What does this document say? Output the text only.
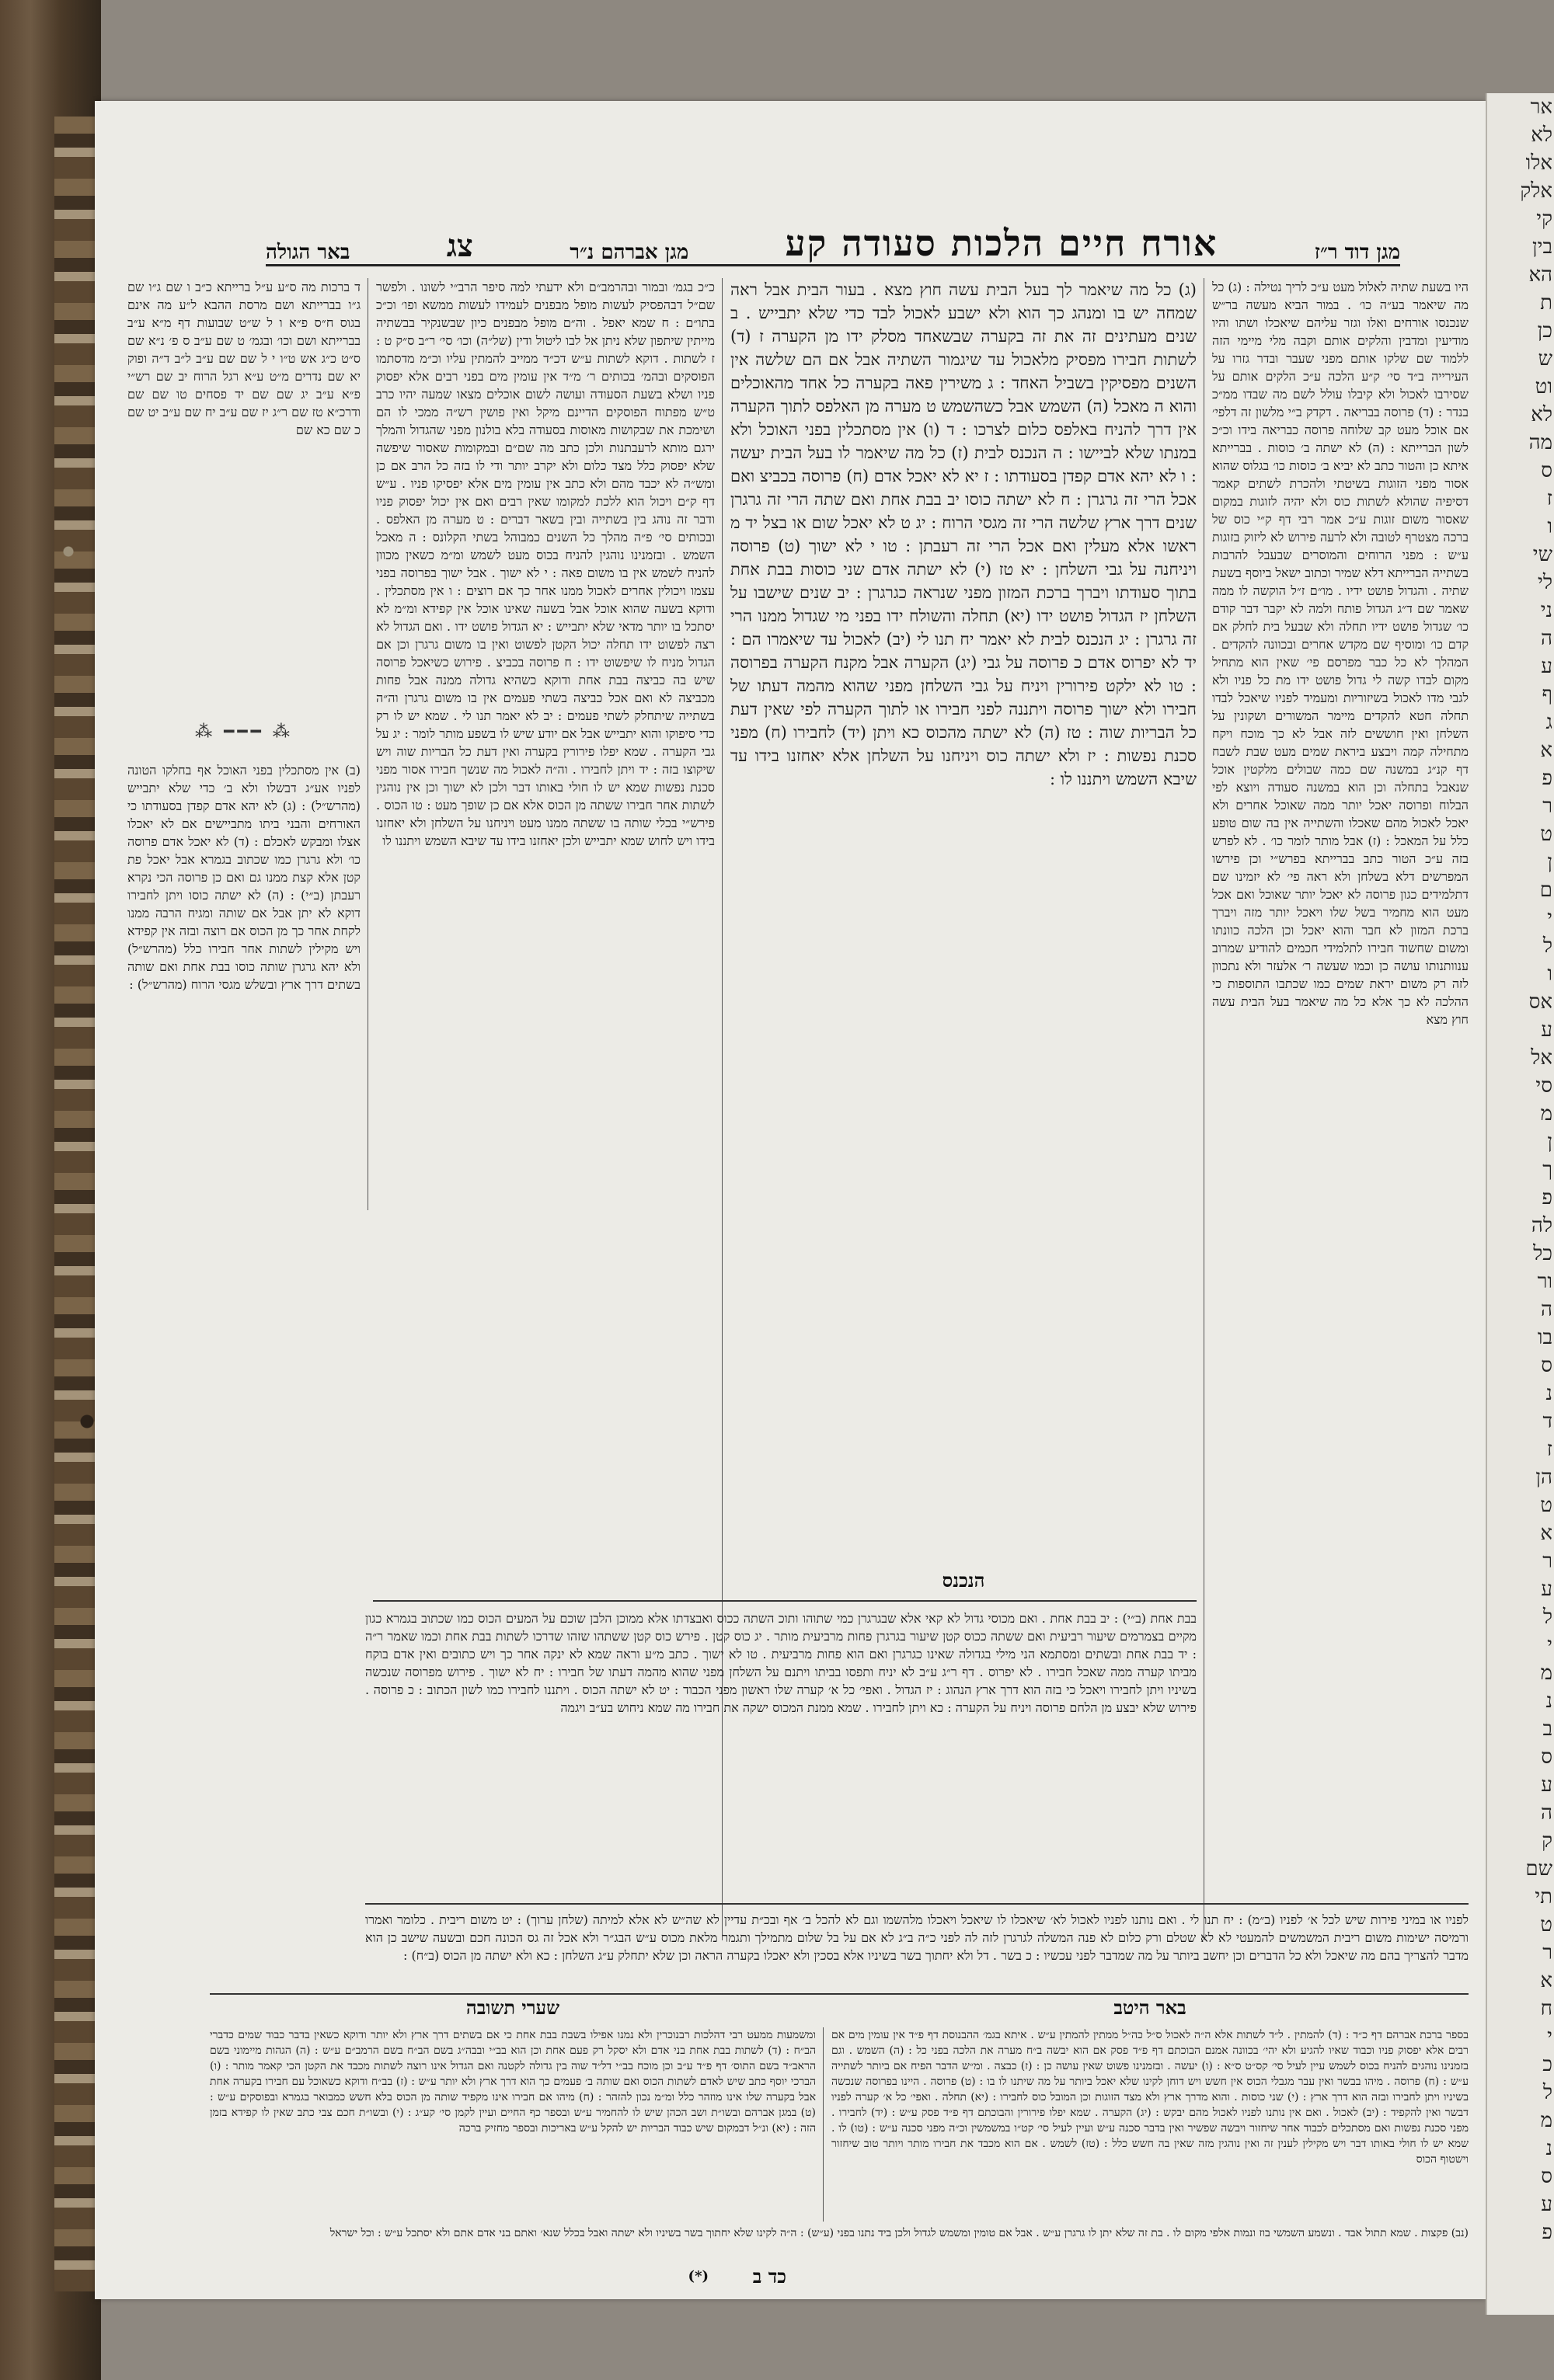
מגן דוד ר״ז
אורח חיים הלכות סעודה קע
מגן אברהם נ״ר
צג
באר הגולה

היו בשעת שתיה לאלול מעט ע״כ לריך נטילה : (ג) כל מה שיאמר בע״ה כו׳ . במור הביא מעשה בר״ש שנכנסו אורחים ואלו וגזר עליהם שיאכלו ושתו והיו מודיעין ומדבין והלקים אותם וקבה מלי מיימי הזה ללמוד שם שלקו אותם מפני שעבר ובדר גזרו על העירייה ב״ד סי׳ ק״ע הלכה ע״כ הלקים אותם על שסירבו לאכול ולא קיבלו עולל לשם מה שבדו ממ״כ בנדר : (ד) פרוסה בבריאה . דקדק ב״י מלשון זה דלפי׳ אם אוכל מעט קב שלוחה פרוסה כבריאה בידו וכ״כ לשון הברייתא : (ה) לא ישתה ב׳ כוסות . בברייתא איתא כן והטור כתב לא יביא ב׳ כוסות כו׳ בגלוס שהוא אסור מפני הזוגות בשיטתי ולהכרת לשתים קאמר דסיפיה שהולא לשתות כוס ולא יהיה לזוגות במקום שאסור משום זוגות ע״כ אמר רבי דף ק״י כוס של ברכה מצטרף לטובה ולא לרעה פירוש לא ליזוק בזוגות ע״ש : מפני הרוחים והמוסרים שבעבל להרבות בשתייה הברייתא דלא שמיר וכתוב ישאל ביוסף בשעת שתיה . והגדול פושט ידיו . מו״ם ז״ל הוקשה לו ממה שאמר שם ד״ג הגדול פותח ולמה לא יקבר דבר קודם כו׳ שגדול פושט ידיו תחלה ולא שבעל בית לחלק אם קדם כו׳ ומוסיף שם מקדש אחרים ובכוונה להקדים . המהלך לא כל כבר מפרסם פי׳ שאין הוא מתחיל מקום לבדו קשה לי גדול פושט ידו מת כל פניו ולא לגבי מדו לאכול בשיזוריות ומעמיד לפניו שיאכל לבדו תחלה חטא להקדים מיימר המשורים ושקונין על השלחן ואין חוששים לזה אבל לא כך מוכח ויקח מתחילה קמה ויבצע ביראת שמים מעט שבת לשבח דף קנ״ג במשנה שם כמה שבולים מלקטין אוכל שנאבל בתחלה וכן הוא במשנה סעודה ויוצא לפי הבלוח ופרוסה יאכל יותר ממה שאוכל אחרים ולא יאכל לאכול מהם שאכלו והשתייה אין בה שום טופע כלל על המאכל : (ז) אבל מותר לומר כו׳ . לא לפרש בזה ע״כ הטור כתב בברייתא בפרש״י וכן פירשו המפרשים דלא בשלחן ולא ראה פי׳ לא יזמינו שם דתלמידים כגון פרוסה לא יאכל יותר שאוכל ואם אכל מעט הוא מחמיר בשל שלו ויאכל יותר מזה ויברך ברכת המזון לא חבר והוא יאכל וכן הלכה כוונתו ומשום שחשוד חבירו לתלמידי חכמים להודיע שמרוב ענוותנותו עושה כן וכמו שעשה ר׳ אלעזר ולא נתכוון לזה רק משום יראת שמים כמו שכתבו התוספות כי ההלכה לא כך אלא כל מה שיאמר בעל הבית עשה חוץ מצא

(ג) כל מה שיאמר לך בעל הבית עשה חוץ מצא . בעור הבית אבל ראה שמחה יש בו ומנהג כך הוא ולא ישבע לאכול לבד כדי שלא יתבייש . ב שנים מעתינים זה את זה בקערה שבשאחד מסלק ידו מן הקערה ז (ד) לשתות חבירו מפסיק מלאכול עד שיגמור השתיה אבל אם הם שלשה אין השנים מפסיקין בשביל האחד : ג משירין פאה בקערה כל אחד מהאוכלים והוא ה מאכל (ה) השמש אבל כשהשמש ט מערה מן האלפס לתוך הקערה אין דרך להניח באלפס כלום לצרכו : ד (ו) אין מסתכלין בפני האוכל ולא במנתו שלא לביישו : ה הנכנס לבית (ז) כל מה שיאמר לו בעל הבית יעשה : ו לא יהא אדם קפדן בסעודתו : ז יא לא יאכל אדם (ח) פרוסה בכביצ ואם אכל הרי זה גרגרן : ח לא ישתה כוסו יב בבת אחת ואם שתה הרי זה גרגרן שנים דרך ארץ שלשה הרי זה מגסי הרוח : יג ט לא יאכל שום או בצל יד מ ראשו אלא מעלין ואם אכל הרי זה רעבתן : טו י לא ישוך (ט) פרוסה ויניחנה על גבי השלחן : יא טז (י) לא ישתה אדם שני כוסות בבת אחת בתוך סעודתו ויברך ברכת המזון מפני שנראה כגרגרן : יב שנים שישבו על השלחן יז הגדול פושט ידו (יא) תחלה והשולח ידו בפני מי שגדול ממנו הרי זה גרגרן : יג הנכנס לבית לא יאמר יח תנו לי (יב) לאכול עד שיאמרו הם : יד לא יפרוס אדם כ פרוסה על גבי (יג) הקערה אבל מקנח הקערה בפרוסה : טו לא ילקט פירורין ויניח על גבי השלחן מפני שהוא מהמה דעתו של חבירו ולא ישוך פרוסה ויתננה לפני חבירו או לתוך הקערה לפי שאין דעת כל הבריות שוה : טז (ה) לא ישתה מהכוס כא ויתן (יד) לחבירו (ח) מפני סכנת נפשות : יז ולא ישתה כוס ויניחנו על השלחן אלא יאחזנו בידו עד שיבא השמש ויתננו לו :

הנכנס

כ״כ בגמ׳ ובמור ובהרמב״ם ולא ידעתי למה סיפר הרב״י לשונו . ולפשר שם״ל דבהפסיק לעשות מופל מבפנים לעמידו לעשות ממשא ופו׳ וכ״כ בתו״ם : ח שמא יאפל . וה״ם מופל מבפנים כיון שבשנקיר בבשתיה מייתין שיתפון שלא ניתן אל לבו ליטול ודין (של״ה) וכו׳ סי׳ ר״ב ס״ק ט : ז לשתות . דוקא לשתות ע״ש דכ״ד ממייב להמתין עליו וכ״מ מדסתמו הפוסקים ובהמ׳ בכותים ר׳ מ״ד אין עומין מים בפני רבים אלא יפסוק פניו ושלא בשעת הסעודה ועושה לשום אוכלים מצאו שמעה יהיו כרב ט״ש מפתוח הפוסקים הדיינם מיקל ואין פושין רש״ה ממכי לו הם ושימכת את שבקושות מאוסות בסעודה בלא בולנון מפני שהגדול והמלך ירגם מותא לרעבתנות ולכן כתב מה שם״ם ובמקומות שאסור שיפשה שלא יפסוק כלל מצד כלום ולא יקרב יותר ודי לו בזה כל הרב אם כן ומש״ה לא יכבד מהם ולא כתב אין עומין מים אלא יפסיקו פניו . ע״ש דף ק״ם ויכול הוא ללכת למקומו שאין רבים ואם אין יכול יפסוק פניו ודבר זה נוהג בין בשתייה ובין בשאר דברים : ט מערה מן האלפס . ובכותים סי׳ פ״ה מהלך כל השנים כמבוהל בשתי הקלונס : ה מאכל השמש . ובזמנינו נוהגין להניח בכוס מעט לשמש ומ״מ כשאין מכוון להניח לשמש אין בו משום פאה : י לא ישוך . אבל ישוך בפרוסה בפני עצמו ויכולין אחרים לאכול ממנו אחר כך אם רוצים : ו אין מסתכלין . ודוקא בשעה שהוא אוכל אבל בשעה שאינו אוכל אין קפידא ומ״מ לא יסתכל בו יותר מדאי שלא יתבייש : יא הגדול פושט ידו . ואם הגדול לא רצה לפשוט ידו תחלה יכול הקטן לפשוט ואין בו משום גרגרן וכן אם הגדול מניח לו שיפשוט ידו : ח פרוסה בכביצ . פירוש כשיאכל פרוסה שיש בה כביצה בבת אחת ודוקא כשהיא גדולה ממנה אבל פחות מכביצה לא ואם אכל כביצה בשתי פעמים אין בו משום גרגרן וה״ה בשתייה שיתחלק לשתי פעמים : יב לא יאמר תנו לי . שמא יש לו רק כדי סיפוקו והוא יתבייש אבל אם יודע שיש לו בשפע מותר לומר : יג על גבי הקערה . שמא יפלו פירורין בקערה ואין דעת כל הבריות שוה ויש שיקוצו בזה : יד ויתן לחבירו . וה״ה לאכול מה שנשך חבירו אסור מפני סכנת נפשות שמא יש לו חולי באותו דבר ולכן לא ישוך וכן אין נוהגין לשתות אחר חבירו ששתה מן הכוס אלא אם כן שופך מעט : טו הכוס . פירש״י בכלי שותה בו ששתה ממנו מעט ויניחנו על השלחן ולא יאחזנו בידו ויש לחוש שמא יתבייש ולכן יאחזנו בידו עד שיבא השמש ויתננו לו

ד ברכות מה ס״ע ע״ל ברייתא כ״ב ו שם ג״ו שם ג״ו בברייתא ושם מרסת ההבא ל״ע מה אינם בגוס ח״ס פ״א ו ל ש״ט שבועות דף מ״א ע״ב בברייתא ושם וכו׳ ובגמ׳ ט שם ע״ב ס פ׳ נ״א שם ס״ט כ״ג אש ט״ו י ל שם שם ע״ב ל״ב ד״ה ופוק יא שם נדרים מ״ט ע״א רגל הרוח יב שם רש״י פ״א ע״ב יג שם שם יד פסחים טו שם שם ודרכ״א טז שם ר״ג יז שם ע״ב יח שם ע״ב יט שם כ שם כא שם

⁂ ━━━ ⁂

(ב) אין מסתכלין בפני האוכל אף בחלקו הטונה לפניו אע״ג דבשלו ולא ב׳ כדי שלא יתבייש (מהרש״ל) : (ג) לא יהא אדם קפדן בסעודתו כי האורחים והבני ביתו מתביישים אם לא יאכלו אצלו ומבקש לאכלם : (ד) לא יאכל אדם פרוסה כו׳ ולא גרגרן כמו שכתוב בגמרא אבל יאכל פת קטן אלא קצת ממנו גם ואם כן פרוסה הכי נקרא רעבתן (ב״י) : (ה) לא ישתה כוסו ויתן לחבירו דוקא לא יתן אבל אם שותה ומגיח הרבה ממנו לקחת אחר כך מן הכוס אם רוצה ובזה אין קפידא ויש מקילין לשתות אחר חבירו כלל (מהרש״ל) ולא יהא גרגרן שותה כוסו בבת אחת ואם שותה בשתים דרך ארץ ובשלש מגסי הרוח (מהרש״ל) :

בבת אחת (ב״י) : יב בבת אחת . ואם מכוסי גדול לא קאי אלא שבגרגרן כמי שתוהו ותוכ השתה ככוס ואבצדתו אלא ממוכן הלבן שוכם על המעים הכוס כמו שכתוב בגמרא כגון מקיים בצמרמים שיעור רביעית ואם ששתה ככוס קטן שיעור בגרגרן פחות מרביעית מותר . יג כוס קטן . פירש כוס קטן ששתהו שזהו שדרכו לשתות בבת אחת וכמו שאמר ר״ה : יד בבת אחת ובשתים ומסתמא הני מילי בגדולה שאינו כגרגרן ואם הוא פחות מרביעית . טו לא ישוך . כתב מ״ע וראה שמא לא ינקה אחר כך ויש כתובים ואין אדם בוקח מביתו קערה ממה שאכל חבירו . לא יפרוס . דף ר״ג ע״ב לא יניח ותפסו בביתו ויתנם על השלחן מפני שהוא מהמה דעתו של חבירו : יח לא ישוך . פירוש מפרוסה שנכשה בשיניו ויתן לחבירו ויאכל כי בזה הוא דרך ארץ הנהוג : יז הגדול . ואפי׳ כל א׳ קערה שלו ראשון מפני הכבוד : יט לא ישתה הכוס . ויתננו לחבירו כמו לשון הכתוב : כ פרוסה . פירוש שלא יבצע מן הלחם פרוסה ויניח על הקערה : כא ויתן לחבירו . שמא ממנת המכוס ישקה את חבירו מה שמא ניחוש בע״ב ויגמה

לפניו או במיני פירות שיש לכל א׳ לפניו (ב״מ) : יח תנו לי . ואם נותנו לפניו לאכול לא׳ שיאכלו לו שיאכל ויאכלו מלהשמו וגם לא להכל ב׳ אף ובכ״ת עדיין לא שה״ש לא אלא למיתה (שלחן ערוך) : יט משום ריבית . כלומר ואמרו ורמיסה ישימות משום ריבית המשמשים להמעטי לא לא שטלם ורק כלום לא פנה המשלה לגרגרן לזה לה לפני כ״ה ב״ג לא אם על בל שלום מתמילך ותגמר מלאת מכוס ע״ש הבג״ר ולא אכל זה גס הכונה חכם ובשעה שישב כן הוא מדבר להצריך בהם מה שיאכל ולא כל הדברים וכן יחשב ביותר על מה שמדבר לפני עכשיו : כ בשר . דל ולא יחתוך בשר בשיניו אלא בסכין ולא יאכלו בקערה הראה וכן שלא יתחלק ע״ג השלחן : כא ולא ישתה מן הכוס (ב״ח) :

באר היטב
שערי תשובה

בספר ברכת אברהם דף כ״ד : (ד) להמתין . ל״ד לשתות אלא ה״ה לאכול ס״ל כה״ל ממתין להמתין ע״ש . איתא בגמ׳ ההבנוסת דף פ״ד אין עומין מים אם רבים אלא יפסוק פניו וכבוד שאיו להגיע ולא יהי׳ בכוונה אמנם הבוכתם דף פ״ד פסק אם הוא יבשה ב״ח מערה את הלכה בפני כל : (ה) השמש . וגם בזמנינו נוהגים להניח בכוס לשמש עיין לעיל סי׳ קס״ט ס״א : (ו) יעשה . ובזמנינו פשוט שאין עושה כן : (ז) כבצה . ומ״ש הדבר הפיח אם ביותר לשתייה ע״ש : (ח) פרוסה . מיהו בבשר ואין עבר מגבלי הכוס אין חשש ויש דוחן לקינו שלא יאכל ביותר על מה שיתנו לו בו : (ט) פרוסה . היינו בפרוסה שנכשה בשיניו ויתן לחבירו ובזה הוא דרך ארץ : (י) שני כוסות . והוא מדרך ארץ ולא מצד הזוגות וכן המובל כוס לחבירו : (יא) תחלה . ואפי׳ כל א׳ קערה לפניו דבשר ואין להקפיד : (יב) לאכול . ואם אין נותנו לפניו לאכול מהם יבקש : (יג) הקערה . שמא יפלו פירורין והבוכתם דף פ״ד פסק ע״ש : (יד) לחבירו . מפני סכנת נפשות ואם מסתכלים לכבוד אחר שיחזור ויבשה שפשיר ואין בדבר סכנה ע״ש ועיין לעיל סי׳ קט״ו במשמשין וכ״ה מפני סכנה ע״ש : (טו) לו . שמא יש לו חולי באותו דבר ויש מקילין לענין זה ואין נוהגין מזה שאין בה חשש כלל : (טז) לשמש . אם הוא מכבד את חבירו מותר ויותר טוב שיחזור וישטוף הכוס

ומשמעות ממעט רבי דהלכות רבנוכרין ולא נמנו אפילו בשבת בבת אחת כי אם בשתים דרך ארץ ולא יותר ודוקא כשאין בדבר כבוד שמים כדברי הב״ח : (ד) לשתות בבת אחת בני אדם ולא יסקל רק פעם אחת וכן הוא בב״י ובבה״ג בשם הב״ח בשם הרמב״ם ע״ש : (ה) הגהות מיימוני בשם הראב״ד בשם התוס׳ דף פ״ד ע״ב וכן מוכח בב״י דל״ד שוה בין גדולה לקטנה ואם הגדול אינו רוצה לשתות מכבד את הקטן הכי קאמר מותר : (ו) הברכי יוסף כתב שיש לאדם לשתות הכוס ואם שותה ב׳ פעמים כך הוא דרך ארץ ולא יותר ע״ש : (ז) בב״ח ודוקא כשאוכל עם חבירו בקערה אחת אבל בקערה שלו אינו מוזהר כלל ומ״מ נכון להזהר : (ח) מיהו אם חבירו אינו מקפיד שותה מן הכוס בלא חשש כמבואר בגמרא ובפוסקים ע״ש : (ט) במגן אברהם ובשו״ת ושב הכהן שיש לו להחמיר ע״ש ובספר כף החיים ועיין לקמן סי׳ קע״ג : (י) ובשו״ת חכם צבי כתב שאין לו קפידא בזמן הזה : (יא) ונ״ל דבמקום שיש כבוד הבריות יש להקל ע״ש באריכות ובספר מחזיק ברכה

(נב) פקצות . שמא תתול אבד . ונשמע השמשי בוז ונמות אלפי מקום לו . בת זה שלא יתן לו גרגרן ע״ש . אבל אם טומין ומשמש לגדול ולכן ביד נתנו בפני (ע״ש) : ה״ה לקינו שלא יחתוך בשר בשיניו ולא ישתה ואבל בכלל שנא׳ ואתם בני אדם אתם ולא יסתכל ע״ש : וכל ישראל

כד ב
(*)
אר
לא
אלו
אלק
קי
בין
הא
ת
כן
ש
וט
לא
מה
ס
ז
ו
שי
לי
ני
ה
ע
ף
ג
א
פ
ר
ט
ן
ם
י
ל
ו
אס
ע
אל
סי
מ
ן
ך
פ
לה
כל
ור
ה
בו
ס
נ
ד
ז
הן
ט
א
ר
ע
ל
י
מ
נ
ב
ס
ע
ה
ק
שם
תי
ט
ר
א
ח
י
כ
ל
מ
נ
ס
ע
פ
